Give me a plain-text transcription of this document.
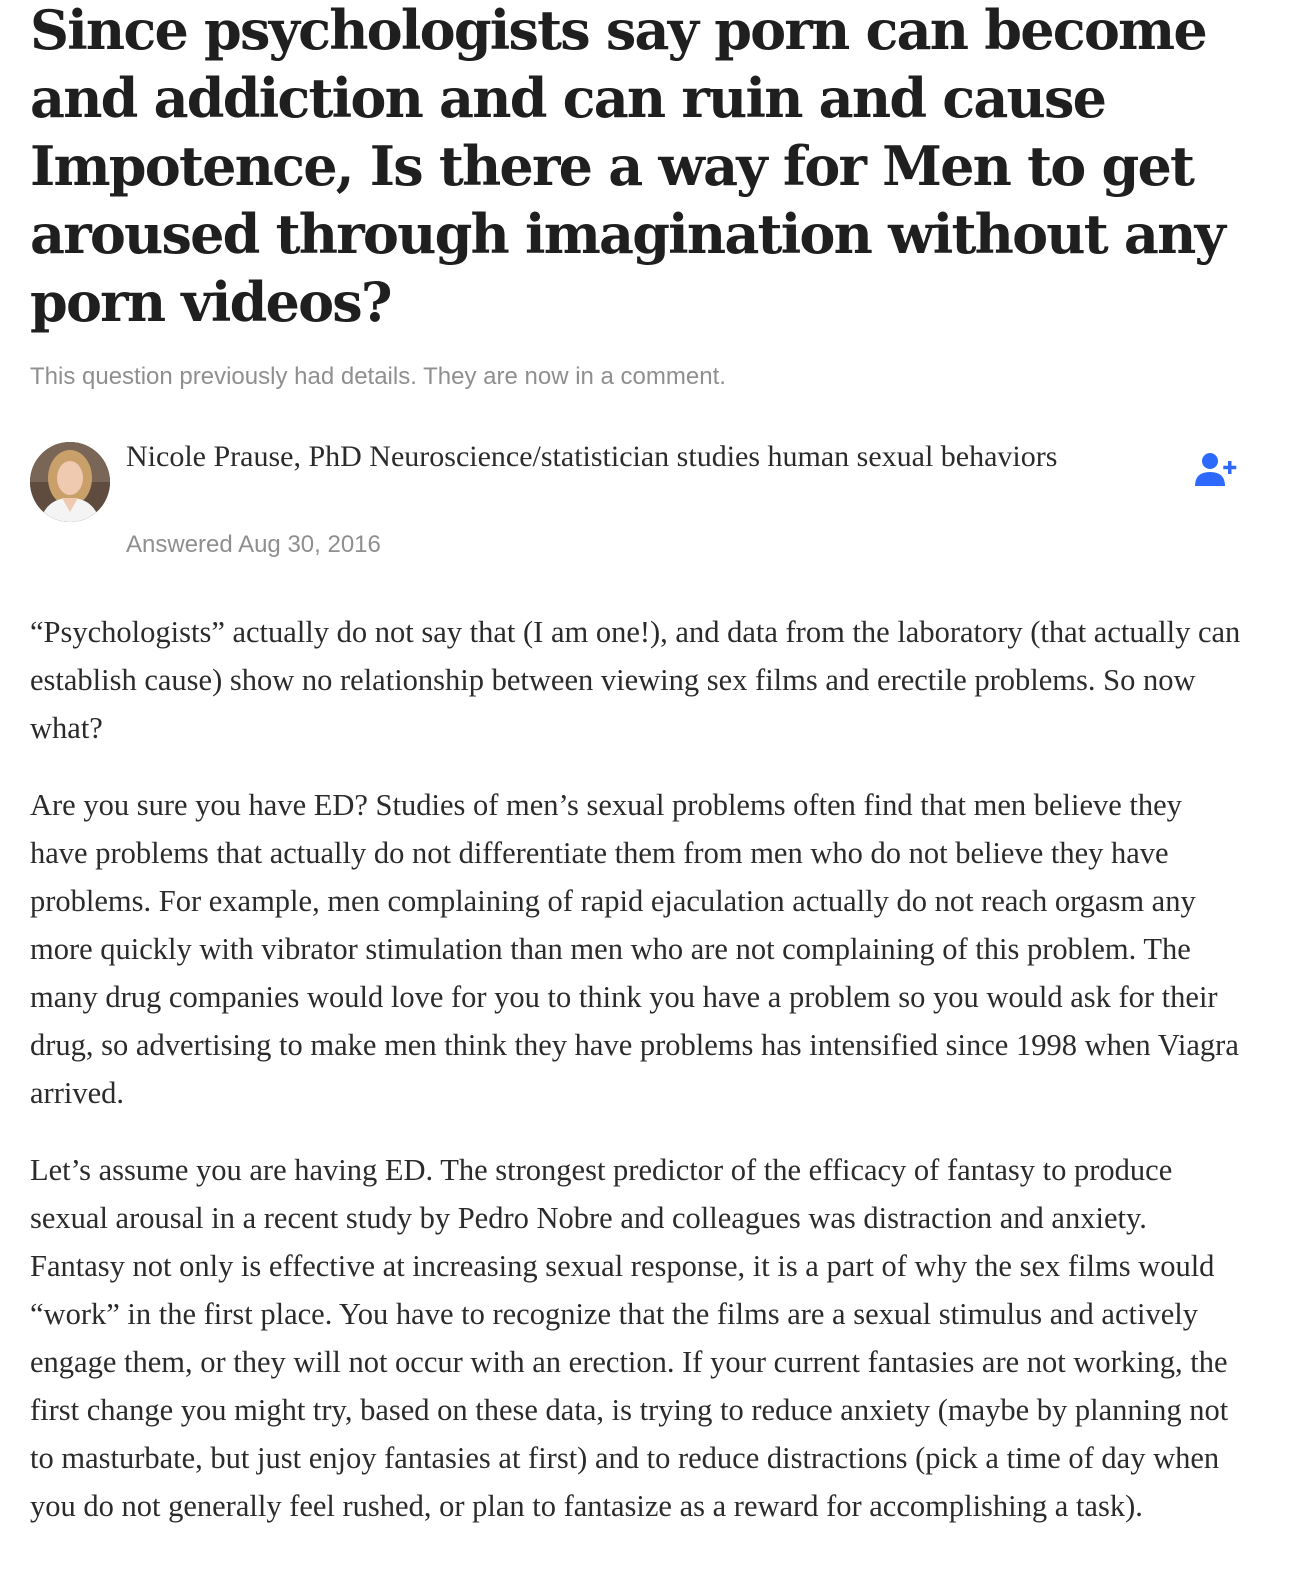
Since psychologists say porn can become and addiction and can ruin and cause Impotence, Is there a way for Men to get aroused through imagination without any porn videos?
This question previously had details. They are now in a comment.
Nicole Prause, PhD Neuroscience/statistician studies human sexual behaviors
Answered Aug 30, 2016

“Psychologists” actually do not say that (I am one!), and data from the laboratory (that actually can establish cause) show no relationship between viewing sex films and erectile problems. So now what?

Are you sure you have ED? Studies of men’s sexual problems often find that men believe they have problems that actually do not differentiate them from men who do not believe they have problems. For example, men complaining of rapid ejaculation actually do not reach orgasm any more quickly with vibrator stimulation than men who are not complaining of this problem. The many drug companies would love for you to think you have a problem so you would ask for their drug, so advertising to make men think they have problems has intensified since 1998 when Viagra arrived.

Let’s assume you are having ED. The strongest predictor of the efficacy of fantasy to produce sexual arousal in a recent study by Pedro Nobre and colleagues was distraction and anxiety. Fantasy not only is effective at increasing sexual response, it is a part of why the sex films would “work” in the first place. You have to recognize that the films are a sexual stimulus and actively engage them, or they will not occur with an erection. If your current fantasies are not working, the first change you might try, based on these data, is trying to reduce anxiety (maybe by planning not to masturbate, but just enjoy fantasies at first) and to reduce distractions (pick a time of day when you do not generally feel rushed, or plan to fantasize as a reward for accomplishing a task).
